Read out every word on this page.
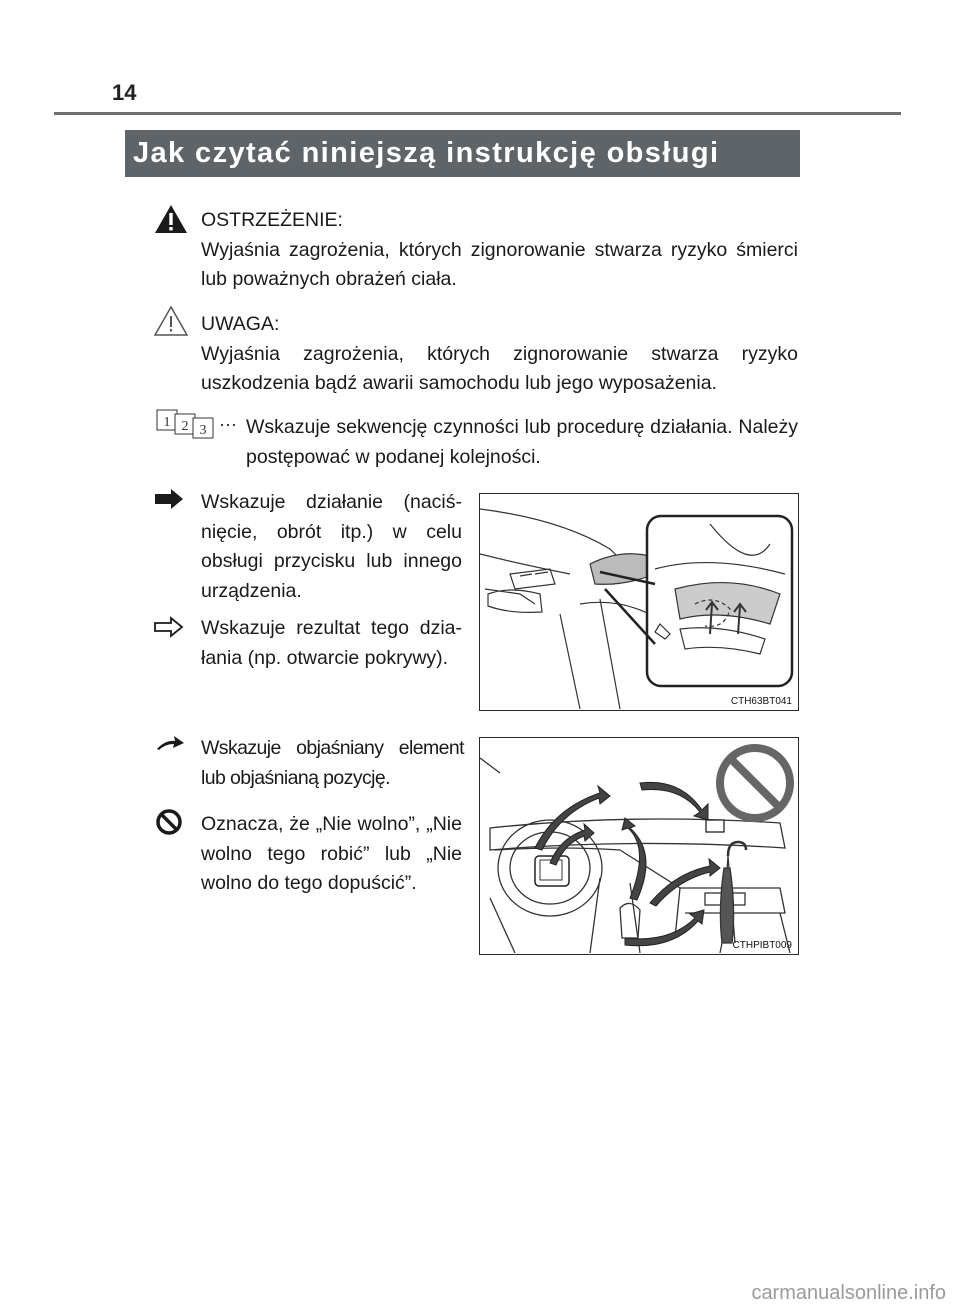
14
Jak czytać niniejszą instrukcję obsługi
OSTRZEŻENIE:
Wyjaśnia zagrożenia, których zignorowanie stwarza ryzyko śmierci lub poważnych obrażeń ciała.
UWAGA:
Wyjaśnia zagrożenia, których zignorowanie stwarza ryzyko uszkodzenia bądź awarii samochodu lub jego wyposażenia.
1 2 3 ··· Wskazuje sekwencję czynności lub procedurę działania. Należy postępować w podanej kolejności.
Wskazuje działanie (naciś-nięcie, obrót itp.) w celu obsługi przycisku lub innego urządzenia.
Wskazuje rezultat tego dzia-łania (np. otwarcie pokrywy).
CTH63BT041
Wskazuje objaśniany element lub objaśnianą pozycję.
Oznacza, że „Nie wolno”, „Nie wolno tego robić” lub „Nie wolno do tego dopuścić”.
CTHPIBT009
carmanualsonline.info
